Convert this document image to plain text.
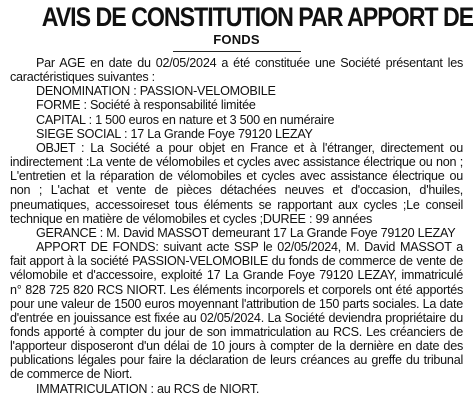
AVIS DE CONSTITUTION PAR APPORT DE
FONDS

Par AGE en date du 02/05/2024 a été constituée une Société présentant les caractéristiques suivantes :

DENOMINATION : PASSION-VELOMOBILE

FORME : Société à responsabilité limitée

CAPITAL : 1 500 euros en nature et 3 500 en numéraire

SIEGE SOCIAL : 17 La Grande Foye 79120 LEZAY

OBJET : La Société a pour objet en France et à l'étranger, directement ou indirectement :La vente de vélomobiles et cycles avec assistance électrique ou non ; L'entretien et la réparation de vélomobiles et cycles avec assistance électrique ou non ; L'achat et vente de pièces détachées neuves et d'occasion, d'huiles, pneumatiques, accessoireset tous éléments se rapportant aux cycles ;Le conseil technique en matière de vélomobiles et cycles ;DUREE : 99 années

GERANCE : M. David MASSOT demeurant 17 La Grande Foye 79120 LEZAY

APPORT DE FONDS: suivant acte SSP le 02/05/2024, M. David MASSOT a fait apport à la société PASSION-VELOMOBILE du fonds de commerce de vente de vélomobile et d'accessoire, exploité 17 La Grande Foye 79120 LEZAY, immatriculé n° 828 725 820 RCS NIORT. Les éléments incorporels et corporels ont été apportés pour une valeur de 1500 euros moyennant l'attribution de 150 parts sociales. La date d'entrée en jouissance est fixée au 02/05/2024. La Société deviendra propriétaire du fonds apporté à compter du jour de son immatriculation au RCS. Les créanciers de l'apporteur disposeront d'un délai de 10 jours à compter de la dernière en date des publications légales pour faire la déclaration de leurs créances au greffe du tribunal de commerce de Niort.

IMMATRICULATION : au RCS de NIORT.
